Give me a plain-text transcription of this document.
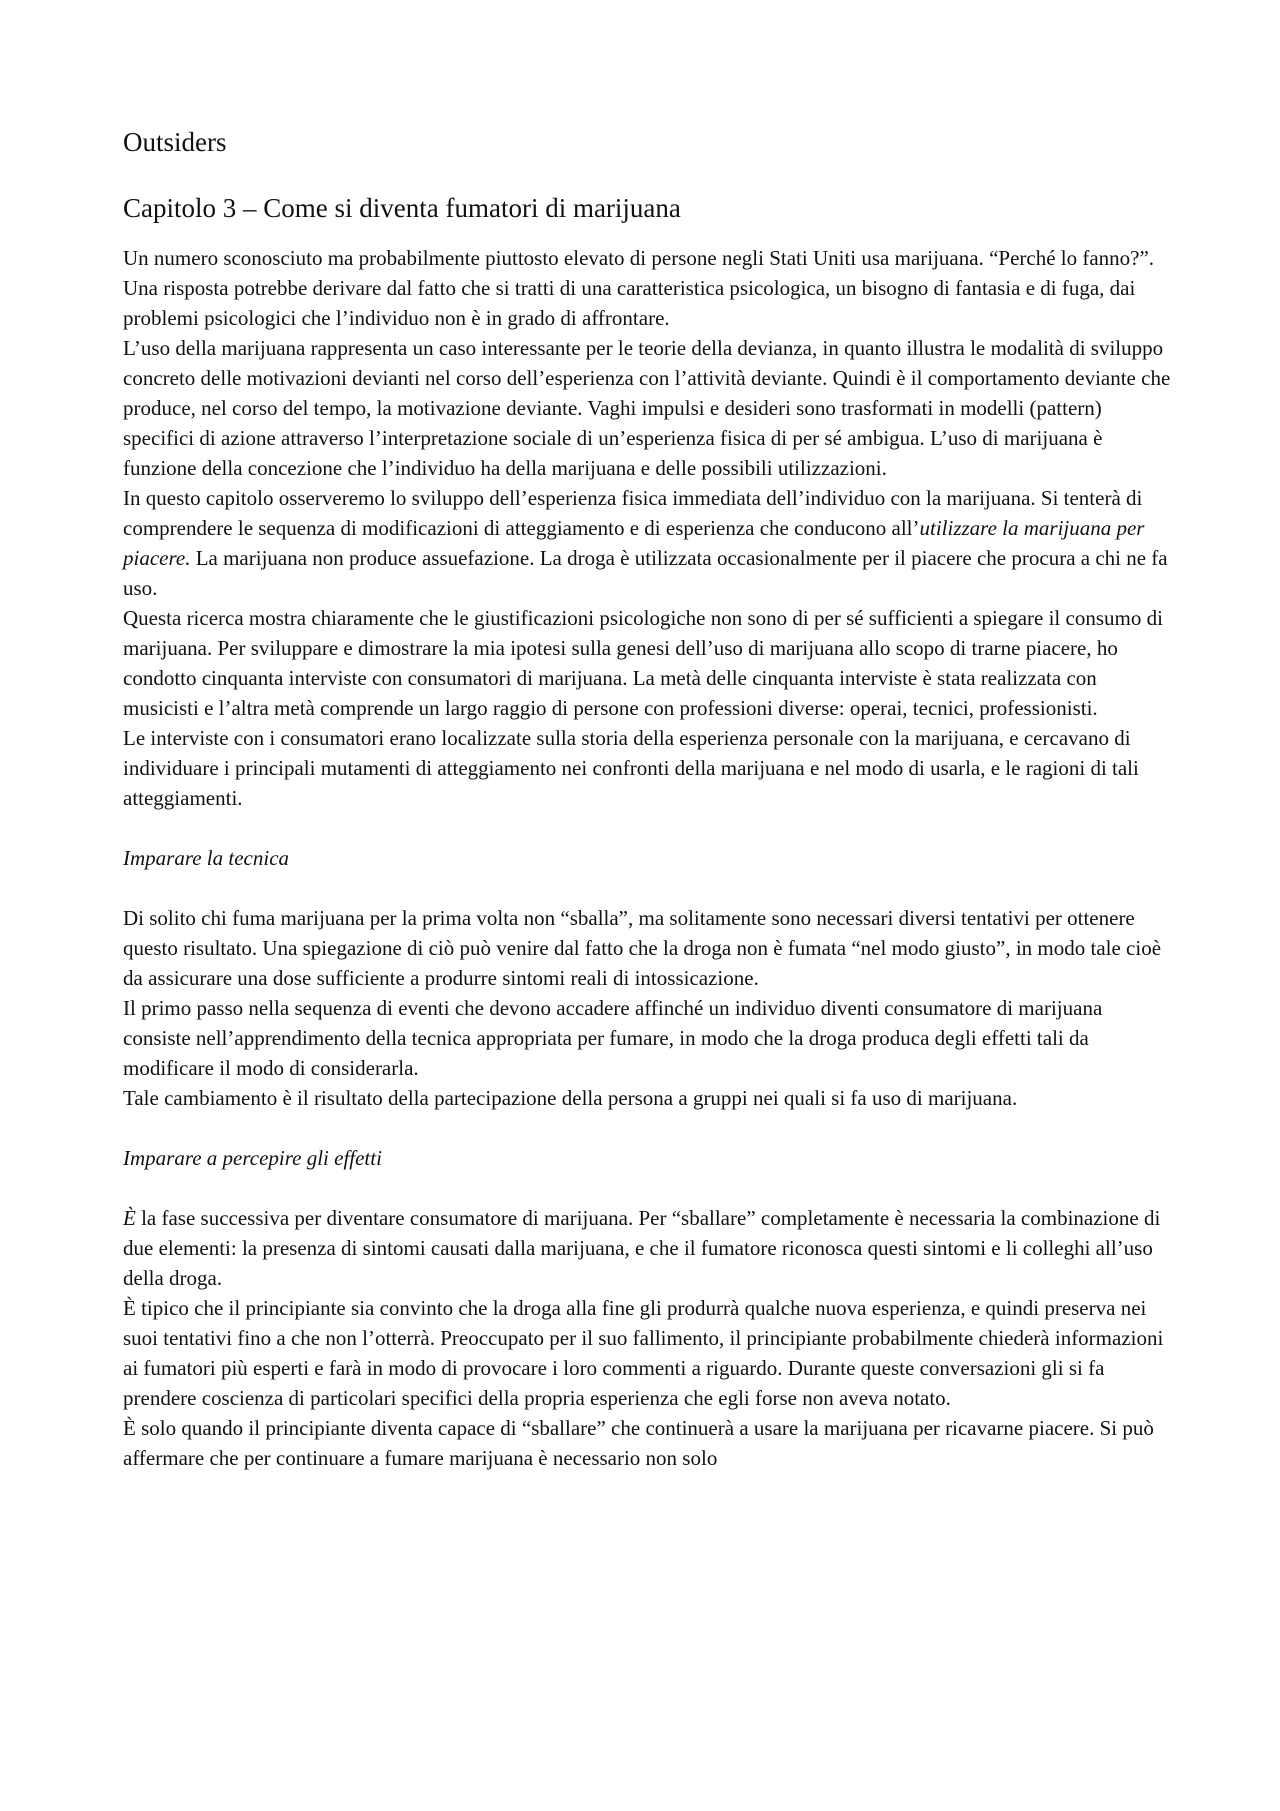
Outsiders
Capitolo 3 – Come si diventa fumatori di marijuana

Un numero sconosciuto ma probabilmente piuttosto elevato di persone negli Stati Uniti usa marijuana. “Perché lo fanno?”. Una risposta potrebbe derivare dal fatto che si tratti di una caratteristica psicologica, un bisogno di fantasia e di fuga, dai problemi psicologici che l’individuo non è in grado di affrontare.

L’uso della marijuana rappresenta un caso interessante per le teorie della devianza, in quanto illustra le modalità di sviluppo concreto delle motivazioni devianti nel corso dell’esperienza con l’attività deviante. Quindi è il comportamento deviante che produce, nel corso del tempo, la motivazione deviante. Vaghi impulsi e desideri sono trasformati in modelli (pattern) specifici di azione attraverso l’interpretazione sociale di un’esperienza fisica di per sé ambigua. L’uso di marijuana è funzione della concezione che l’individuo ha della marijuana e delle possibili utilizzazioni.

In questo capitolo osserveremo lo sviluppo dell’esperienza fisica immediata dell’individuo con la marijuana. Si tenterà di comprendere le sequenza di modificazioni di atteggiamento e di esperienza che conducono all’utilizzare la marijuana per piacere. La marijuana non produce assuefazione. La droga è utilizzata occasionalmente per il piacere che procura a chi ne fa uso.

Questa ricerca mostra chiaramente che le giustificazioni psicologiche non sono di per sé sufficienti a spiegare il consumo di marijuana. Per sviluppare e dimostrare la mia ipotesi sulla genesi dell’uso di marijuana allo scopo di trarne piacere, ho condotto cinquanta interviste con consumatori di marijuana. La metà delle cinquanta interviste è stata realizzata con musicisti e l’altra metà comprende un largo raggio di persone con professioni diverse: operai, tecnici, professionisti.

Le interviste con i consumatori erano localizzate sulla storia della esperienza personale con la marijuana, e cercavano di individuare i principali mutamenti di atteggiamento nei confronti della marijuana e nel modo di usarla, e le ragioni di tali atteggiamenti.

Imparare la tecnica

Di solito chi fuma marijuana per la prima volta non “sballa”, ma solitamente sono necessari diversi tentativi per ottenere questo risultato. Una spiegazione di ciò può venire dal fatto che la droga non è fumata “nel modo giusto”, in modo tale cioè da assicurare una dose sufficiente a produrre sintomi reali di intossicazione.

Il primo passo nella sequenza di eventi che devono accadere affinché un individuo diventi consumatore di marijuana consiste nell’apprendimento della tecnica appropriata per fumare, in modo che la droga produca degli effetti tali da modificare il modo di considerarla.

Tale cambiamento è il risultato della partecipazione della persona a gruppi nei quali si fa uso di marijuana.

Imparare a percepire gli effetti

È la fase successiva per diventare consumatore di marijuana. Per “sballare” completamente è necessaria la combinazione di due elementi: la presenza di sintomi causati dalla marijuana, e che il fumatore riconosca questi sintomi e li colleghi all’uso della droga.

È tipico che il principiante sia convinto che la droga alla fine gli produrrà qualche nuova esperienza, e quindi preserva nei suoi tentativi fino a che non l’otterrà. Preoccupato per il suo fallimento, il principiante probabilmente chiederà informazioni ai fumatori più esperti e farà in modo di provocare i loro commenti a riguardo. Durante queste conversazioni gli si fa prendere coscienza di particolari specifici della propria esperienza che egli forse non aveva notato.

È solo quando il principiante diventa capace di “sballare” che continuerà a usare la marijuana per ricavarne piacere. Si può affermare che per continuare a fumare marijuana è necessario non solo
